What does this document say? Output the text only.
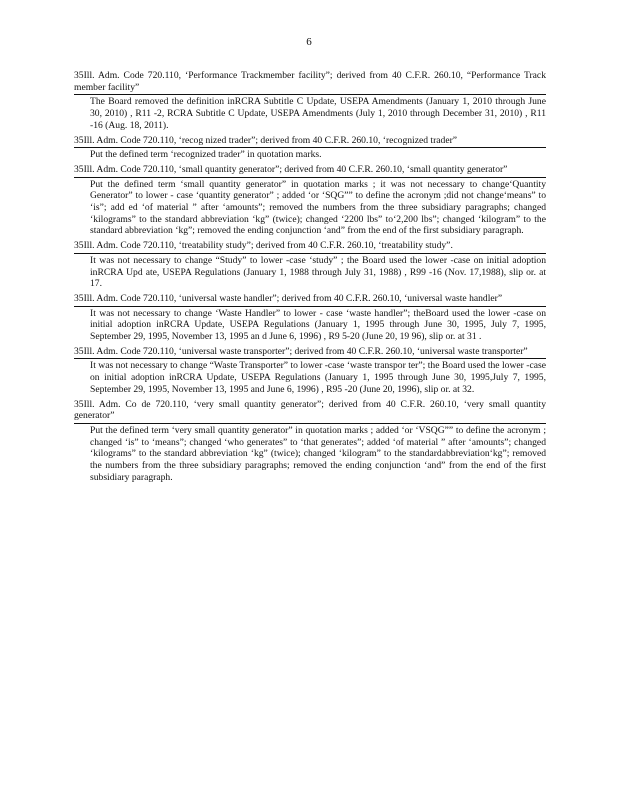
6
35Ill. Adm. Code 720.110, ‘Performance Trackmember facility”; derived from 40 C.F.R. 260.10, “Performance Track member facility”
The Board removed the definition inRCRA Subtitle C Update, USEPA Amendments (January 1, 2010 through June 30, 2010) , R11 -2, RCRA Subtitle C Update, USEPA Amendments (July 1, 2010 through December 31, 2010) , R11 -16 (Aug. 18, 2011).
35Ill. Adm. Code 720.110, ‘recog nized trader”; derived from 40 C.F.R. 260.10, ‘recognized trader”
Put the defined term ‘recognized trader” in quotation marks.
35Ill. Adm. Code 720.110, ‘small quantity generator”; derived from 40 C.F.R. 260.10, ‘small quantity generator”
Put the defined term ‘small quantity generator” in quotation marks ; it was not necessary to change‘Quantity Generator” to lower - case ‘quantity generator” ; added ‘or ‘SQG”” to define the acronym ;did not change‘means” to ‘is”; add ed ‘of material ” after ‘amounts”; removed the numbers from the three subsidiary paragraphs; changed ‘kilograms” to the standard abbreviation ‘kg” (twice); changed ‘2200 lbs” to‘2,200 lbs”; changed ‘kilogram” to the standard abbreviation ‘kg”; removed the ending conjunction ‘and” from the end of the first subsidiary paragraph.
35Ill. Adm. Code 720.110, ‘treatability study”; derived from 40 C.F.R. 260.10, ‘treatability study”.
It was not necessary to change “Study” to lower -case ‘study” ; the Board used the lower -case on initial adoption inRCRA Upd ate, USEPA Regulations (January 1, 1988 through July 31, 1988) , R99 -16 (Nov. 17,1988), slip or. at 17.
35Ill. Adm. Code 720.110, ‘universal waste handler”; derived from 40 C.F.R. 260.10, ‘universal waste handler”
It was not necessary to change ‘Waste Handler” to lower - case ‘waste handler”; theBoard used the lower -case on initial adoption inRCRA Update, USEPA Regulations (January 1, 1995 through June 30, 1995, July 7, 1995, September 29, 1995, November 13, 1995 an d June 6, 1996) , R9 5-20 (June 20, 19 96), slip or. at 31 .
35Ill. Adm. Code 720.110, ‘universal waste transporter”; derived from 40 C.F.R. 260.10, ‘universal waste transporter”
It was not necessary to change “Waste Transporter” to lower -case ‘waste transpor ter”; the Board used the lower -case on initial adoption inRCRA Update, USEPA Regulations (January 1, 1995 through June 30, 1995,July 7, 1995, September 29, 1995, November 13, 1995 and June 6, 1996) , R95 -20 (June 20, 1996), slip or. at 32.
35Ill. Adm. Co de 720.110, ‘very small quantity generator”; derived from 40 C.F.R. 260.10, ‘very small quantity generator”
Put the defined term ‘very small quantity generator” in quotation marks ; added ‘or ‘VSQG”” to define the acronym ; changed ‘is” to ‘means”; changed ‘who generates” to ‘that generates”; added ‘of material ” after ‘amounts”; changed ‘kilograms” to the standard abbreviation ‘kg” (twice); changed ‘kilogram” to the standardabbreviation‘kg”; removed the numbers from the three subsidiary paragraphs; removed the ending conjunction ‘and” from the end of the first subsidiary paragraph.
